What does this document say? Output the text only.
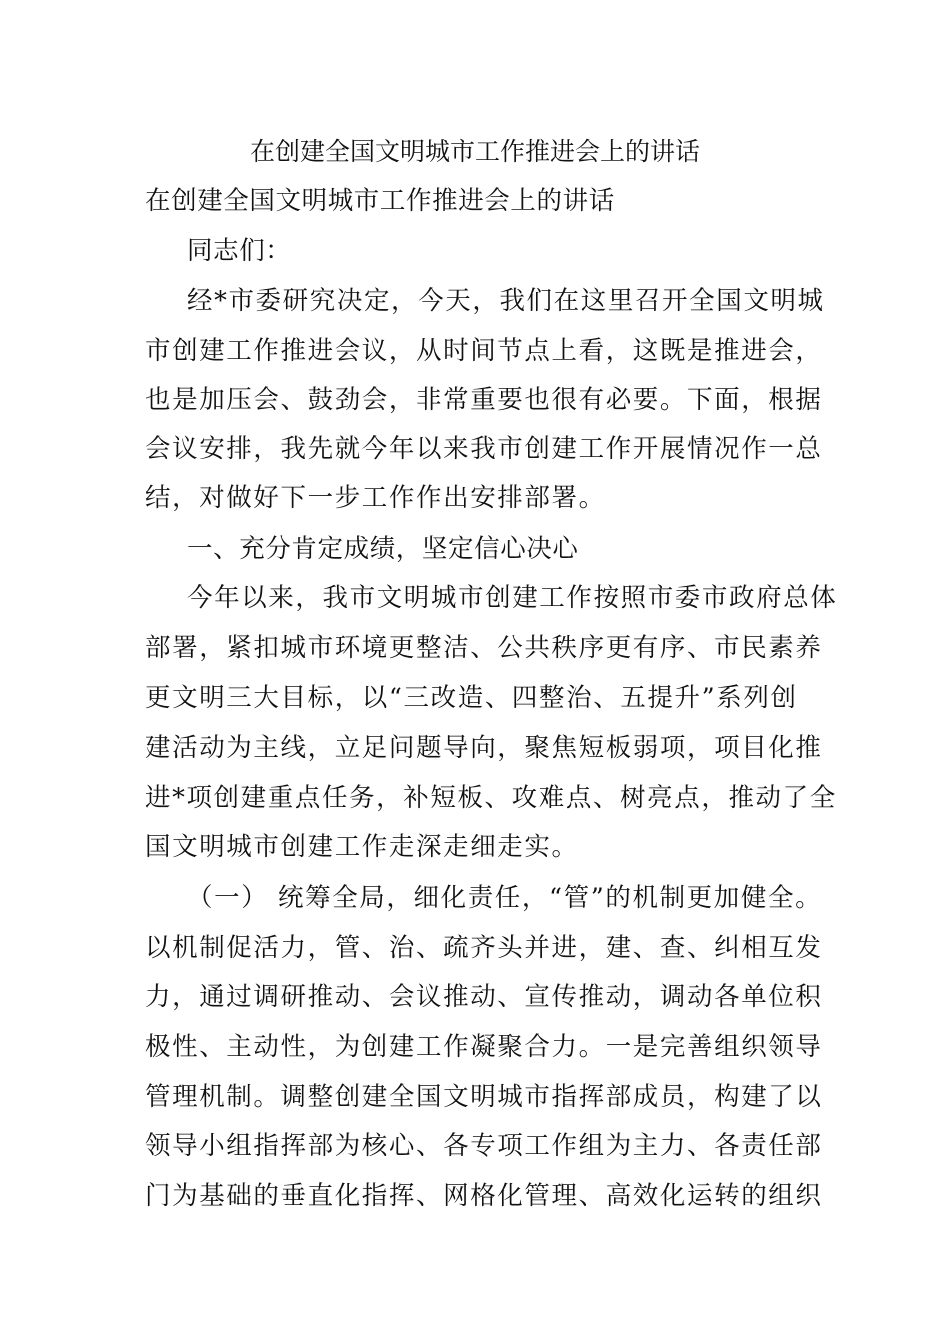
在创建全国文明城市工作推进会上的讲话
在创建全国文明城市工作推进会上的讲话
同志们：
经*市委研究决定，今天，我们在这里召开全国文明城
市创建工作推进会议，从时间节点上看，这既是推进会，
也是加压会、鼓劲会，非常重要也很有必要。下面，根据
会议安排，我先就今年以来我市创建工作开展情况作一总
结，对做好下一步工作作出安排部署。
一、充分肯定成绩，坚定信心决心
今年以来，我市文明城市创建工作按照市委市政府总体
部署，紧扣城市环境更整洁、公共秩序更有序、市民素养
更文明三大目标，以“三改造、四整治、五提升”系列创
建活动为主线，立足问题导向，聚焦短板弱项，项目化推
进*项创建重点任务，补短板、攻难点、树亮点，推动了全
国文明城市创建工作走深走细走实。
（一） 统筹全局，细化责任，“管”的机制更加健全。
以机制促活力，管、治、疏齐头并进，建、查、纠相互发
力，通过调研推动、会议推动、宣传推动，调动各单位积
极性、主动性，为创建工作凝聚合力。一是完善组织领导
管理机制。调整创建全国文明城市指挥部成员，构建了以
领导小组指挥部为核心、各专项工作组为主力、各责任部
门为基础的垂直化指挥、网格化管理、高效化运转的组织
